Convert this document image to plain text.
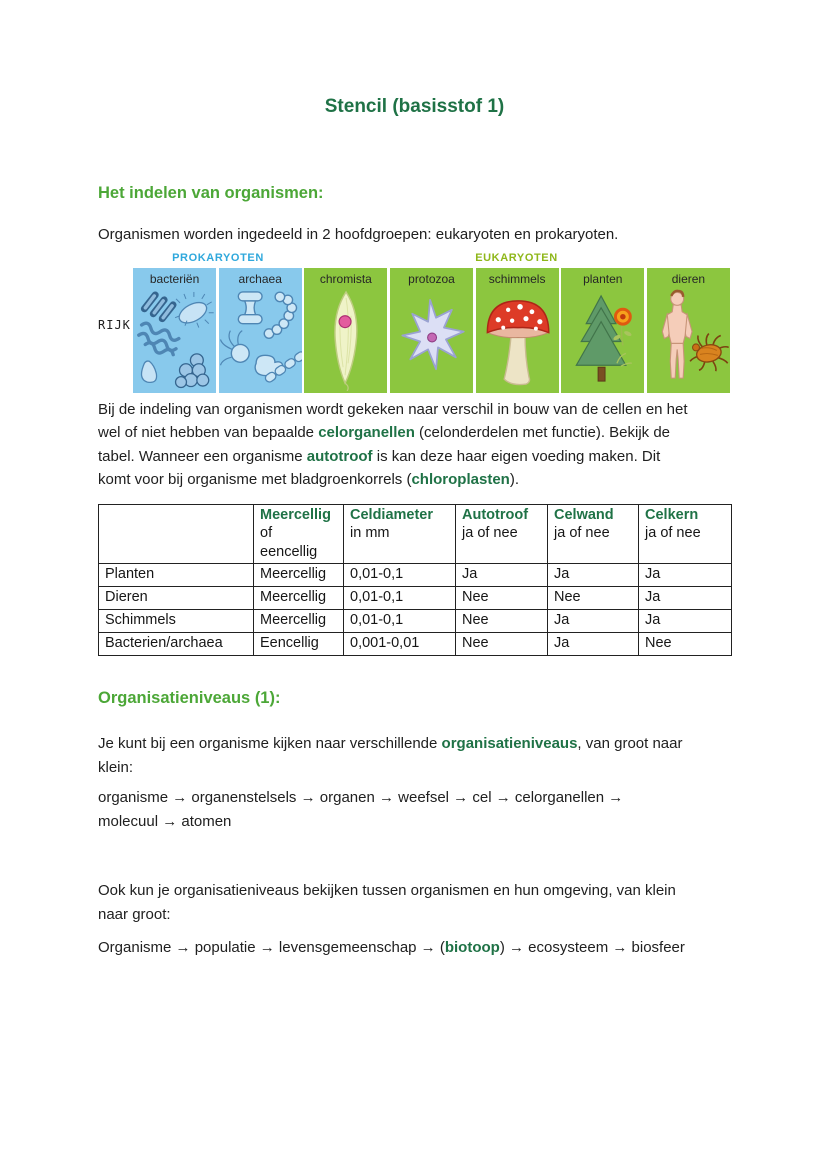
Stencil (basisstof 1)
Het indelen van organismen:

Organismen worden ingedeeld in 2 hoofdgroepen: eukaryoten en prokaryoten.

PROKARYOTEN	EUKARYOTEN
RIJK
bacteriën	archaea	chromista	protozoa	schimmels	planten	dieren

Bij de indeling van organismen wordt gekeken naar verschil in bouw van de cellen en het
wel of niet hebben van bepaalde celorganellen (celonderdelen met functie). Bekijk de
tabel. Wanneer een organisme autotroof is kan deze haar eigen voeding maken. Dit
komt voor bij organisme met bladgroenkorrels (chloroplasten).

	Meercellig
of
eencellig	Celdiameter
in mm	Autotroof
ja of nee	Celwand
ja of nee	Celkern
ja of nee

Planten	Meercellig	0,01-0,1	Ja	Ja	Ja
Dieren	Meercellig	0,01-0,1	Nee	Nee	Ja
Schimmels	Meercellig	0,01-0,1	Nee	Ja	Ja
Bacterien/archaea	Eencellig	0,001-0,01	Nee	Ja	Nee
Organisatieniveaus (1):

Je kunt bij een organisme kijken naar verschillende organisatieniveaus, van groot naar
klein:

organisme → organenstelsels → organen → weefsel → cel → celorganellen →
molecuul → atomen

Ook kun je organisatieniveaus bekijken tussen organismen en hun omgeving, van klein
naar groot:

Organisme → populatie → levensgemeenschap → (biotoop) → ecosysteem → biosfeer
